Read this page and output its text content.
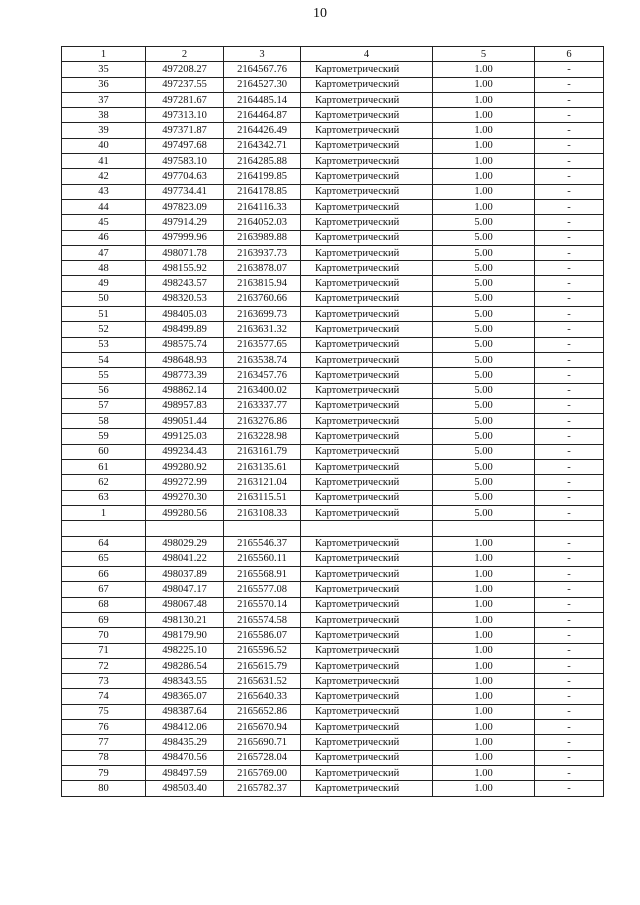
10
1	2	3	4	5	6
35	497208.27	2164567.76	Картометрический	1.00	-
36	497237.55	2164527.30	Картометрический	1.00	-
37	497281.67	2164485.14	Картометрический	1.00	-
38	497313.10	2164464.87	Картометрический	1.00	-
39	497371.87	2164426.49	Картометрический	1.00	-
40	497497.68	2164342.71	Картометрический	1.00	-
41	497583.10	2164285.88	Картометрический	1.00	-
42	497704.63	2164199.85	Картометрический	1.00	-
43	497734.41	2164178.85	Картометрический	1.00	-
44	497823.09	2164116.33	Картометрический	1.00	-
45	497914.29	2164052.03	Картометрический	5.00	-
46	497999.96	2163989.88	Картометрический	5.00	-
47	498071.78	2163937.73	Картометрический	5.00	-
48	498155.92	2163878.07	Картометрический	5.00	-
49	498243.57	2163815.94	Картометрический	5.00	-
50	498320.53	2163760.66	Картометрический	5.00	-
51	498405.03	2163699.73	Картометрический	5.00	-
52	498499.89	2163631.32	Картометрический	5.00	-
53	498575.74	2163577.65	Картометрический	5.00	-
54	498648.93	2163538.74	Картометрический	5.00	-
55	498773.39	2163457.76	Картометрический	5.00	-
56	498862.14	2163400.02	Картометрический	5.00	-
57	498957.83	2163337.77	Картометрический	5.00	-
58	499051.44	2163276.86	Картометрический	5.00	-
59	499125.03	2163228.98	Картометрический	5.00	-
60	499234.43	2163161.79	Картометрический	5.00	-
61	499280.92	2163135.61	Картометрический	5.00	-
62	499272.99	2163121.04	Картометрический	5.00	-
63	499270.30	2163115.51	Картометрический	5.00	-
1	499280.56	2163108.33	Картометрический	5.00	-

64	498029.29	2165546.37	Картометрический	1.00	-
65	498041.22	2165560.11	Картометрический	1.00	-
66	498037.89	2165568.91	Картометрический	1.00	-
67	498047.17	2165577.08	Картометрический	1.00	-
68	498067.48	2165570.14	Картометрический	1.00	-
69	498130.21	2165574.58	Картометрический	1.00	-
70	498179.90	2165586.07	Картометрический	1.00	-
71	498225.10	2165596.52	Картометрический	1.00	-
72	498286.54	2165615.79	Картометрический	1.00	-
73	498343.55	2165631.52	Картометрический	1.00	-
74	498365.07	2165640.33	Картометрический	1.00	-
75	498387.64	2165652.86	Картометрический	1.00	-
76	498412.06	2165670.94	Картометрический	1.00	-
77	498435.29	2165690.71	Картометрический	1.00	-
78	498470.56	2165728.04	Картометрический	1.00	-
79	498497.59	2165769.00	Картометрический	1.00	-
80	498503.40	2165782.37	Картометрический	1.00	-
